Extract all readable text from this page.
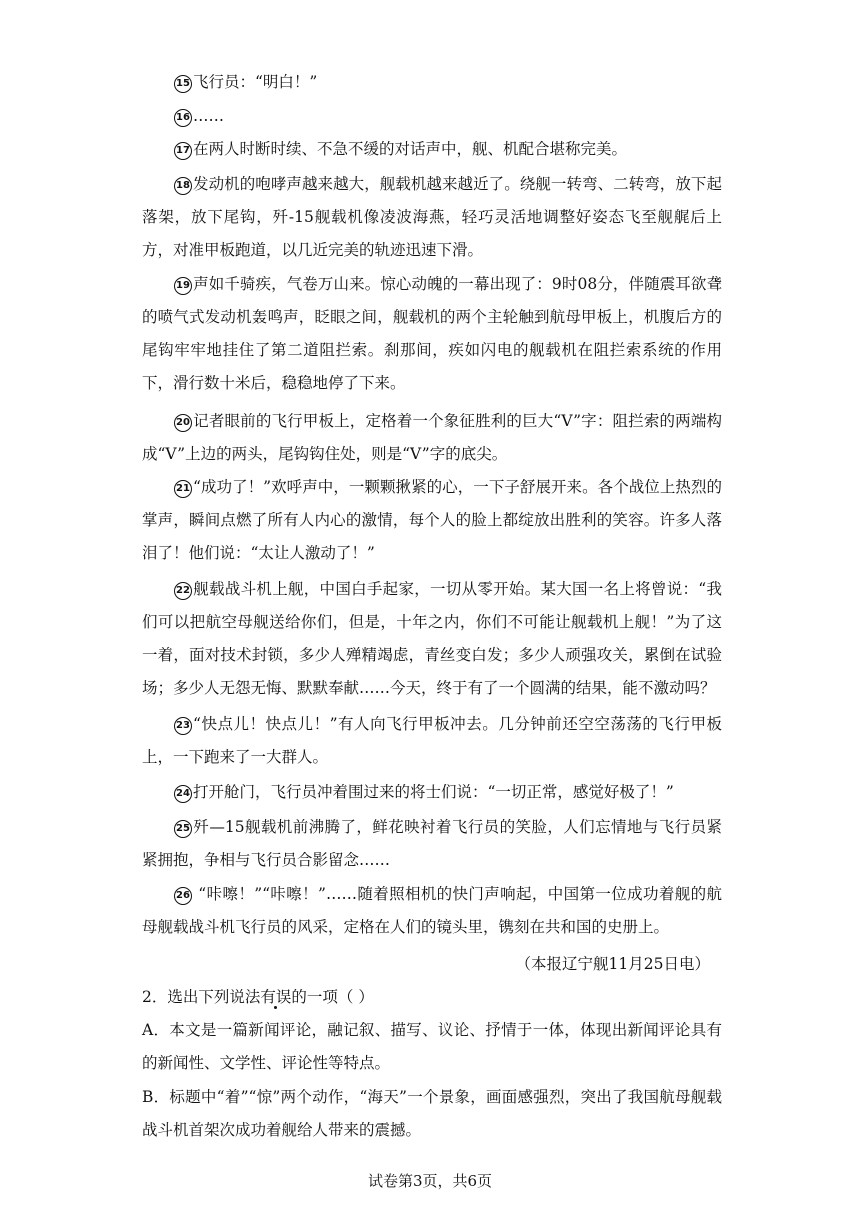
15 飞行员：“明白！”

16 ……

17 在两人时断时续、不急不缓的对话声中，舰、机配合堪称完美。

18 发动机的咆哮声越来越大，舰载机越来越近了。绕舰一转弯、二转弯，放下起落架，放下尾钩，歼-15舰载机像凌波海燕，轻巧灵活地调整好姿态飞至舰艉后上方，对准甲板跑道，以几近完美的轨迹迅速下滑。

19 声如千骑疾，气卷万山来。惊心动魄的一幕出现了：9时08分，伴随震耳欲聋的喷气式发动机轰鸣声，眨眼之间，舰载机的两个主轮触到航母甲板上，机腹后方的尾钩牢牢地挂住了第二道阻拦索。刹那间，疾如闪电的舰载机在阻拦索系统的作用下，滑行数十米后，稳稳地停了下来。

20 记者眼前的飞行甲板上，定格着一个象征胜利的巨大“V”字：阻拦索的两端构成“V”上边的两头，尾钩钩住处，则是“V”字的底尖。

21 “成功了！”欢呼声中，一颗颗揪紧的心，一下子舒展开来。各个战位上热烈的掌声，瞬间点燃了所有人内心的激情，每个人的脸上都绽放出胜利的笑容。许多人落泪了！他们说：“太让人激动了！”

22 舰载战斗机上舰，中国白手起家，一切从零开始。某大国一名上将曾说：“我们可以把航空母舰送给你们，但是，十年之内，你们不可能让舰载机上舰！”为了这一着，面对技术封锁，多少人殚精竭虑，青丝变白发；多少人顽强攻关，累倒在试验场；多少人无怨无悔、默默奉献……今天，终于有了一个圆满的结果，能不激动吗？

23 “快点儿！快点儿！”有人向飞行甲板冲去。几分钟前还空空荡荡的飞行甲板上，一下跑来了一大群人。

24 打开舱门，飞行员冲着围过来的将士们说：“一切正常，感觉好极了！”

25 歼—15舰载机前沸腾了，鲜花映衬着飞行员的笑脸，人们忘情地与飞行员紧紧拥抱，争相与飞行员合影留念……

26 “咔嚓！”“咔嚓！”……随着照相机的快门声响起，中国第一位成功着舰的航母舰载战斗机飞行员的风采，定格在人们的镜头里，镌刻在共和国的史册上。

（本报辽宁舰11月25日电）

2．选出下列说法有误的一项（ ）

A．本文是一篇新闻评论，融记叙、描写、议论、抒情于一体，体现出新闻评论具有的新闻性、文学性、评论性等特点。

B．标题中“着”“惊”两个动作，“海天”一个景象，画面感强烈，突出了我国航母舰载战斗机首架次成功着舰给人带来的震撼。

试卷第3页，共6页
